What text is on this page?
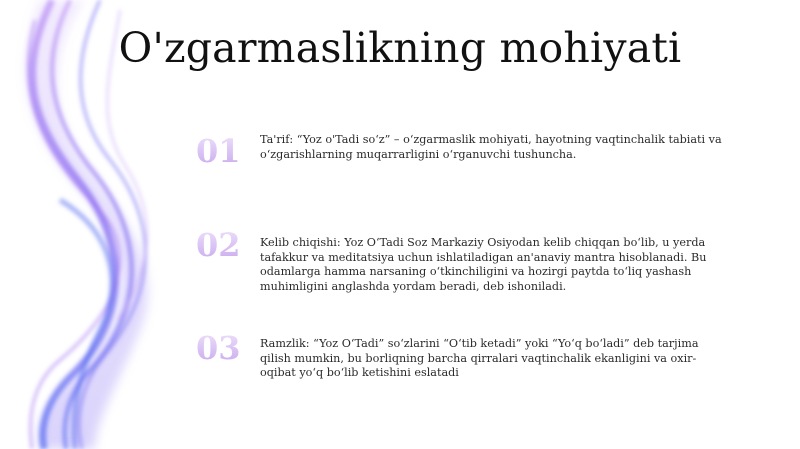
O'zgarmaslikning mohiyati
01	Ta'rif: “Yoz o'Tadi so‘z” – o‘zgarmaslik mohiyati, hayotning vaqtinchalik tabiati va o‘zgarishlarning muqarrarligini o‘rganuvchi tushuncha.
02	Kelib chiqishi: Yoz O‘Tadi Soz Markaziy Osiyodan kelib chiqqan bo‘lib, u yerda tafakkur va meditatsiya uchun ishlatiladigan an'anaviy mantra hisoblanadi. Bu odamlarga hamma narsaning o‘tkinchiligini va hozirgi paytda to‘liq yashash muhimligini anglashda yordam beradi, deb ishoniladi.
03	Ramzlik: “Yoz O‘Tadi” so‘zlarini “O‘tib ketadi” yoki “Yo‘q bo‘ladi” deb tarjima qilish mumkin, bu borliqning barcha qirralari vaqtinchalik ekanligini va oxir-oqibat yo‘q bo‘lib ketishini eslatadi
